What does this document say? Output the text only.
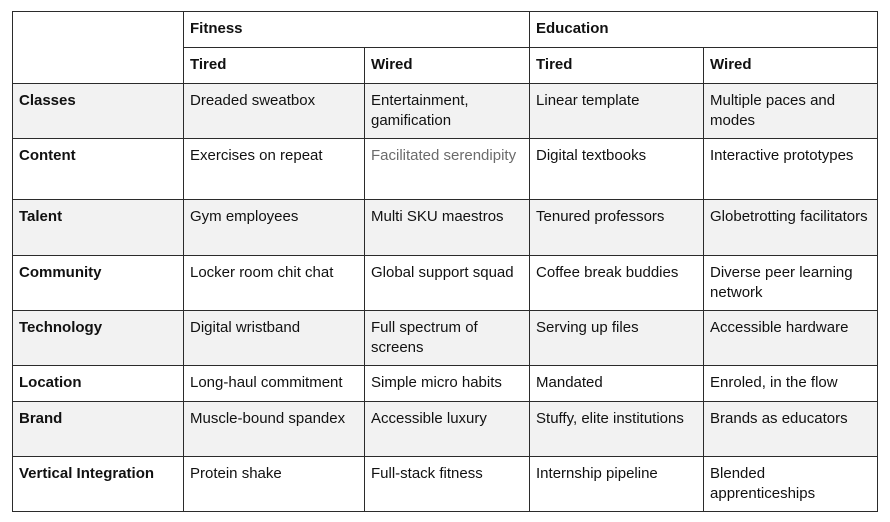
	Fitness		Education	
	Tired	Wired	Tired	Wired
Classes	Dreaded sweatbox	Entertainment, gamification	Linear template	Multiple paces and modes
Content	Exercises on repeat	Facilitated serendipity	Digital textbooks	Interactive prototypes
Talent	Gym employees	Multi SKU maestros	Tenured professors	Globetrotting facilitators
Community	Locker room chit chat	Global support squad	Coffee break buddies	Diverse peer learning network
Technology	Digital wristband	Full spectrum of screens	Serving up files	Accessible hardware
Location	Long-haul commitment	Simple micro habits	Mandated	Enroled, in the flow
Brand	Muscle-bound spandex	Accessible luxury	Stuffy, elite institutions	Brands as educators
Vertical Integration	Protein shake	Full-stack fitness	Internship pipeline	Blended apprenticeships
